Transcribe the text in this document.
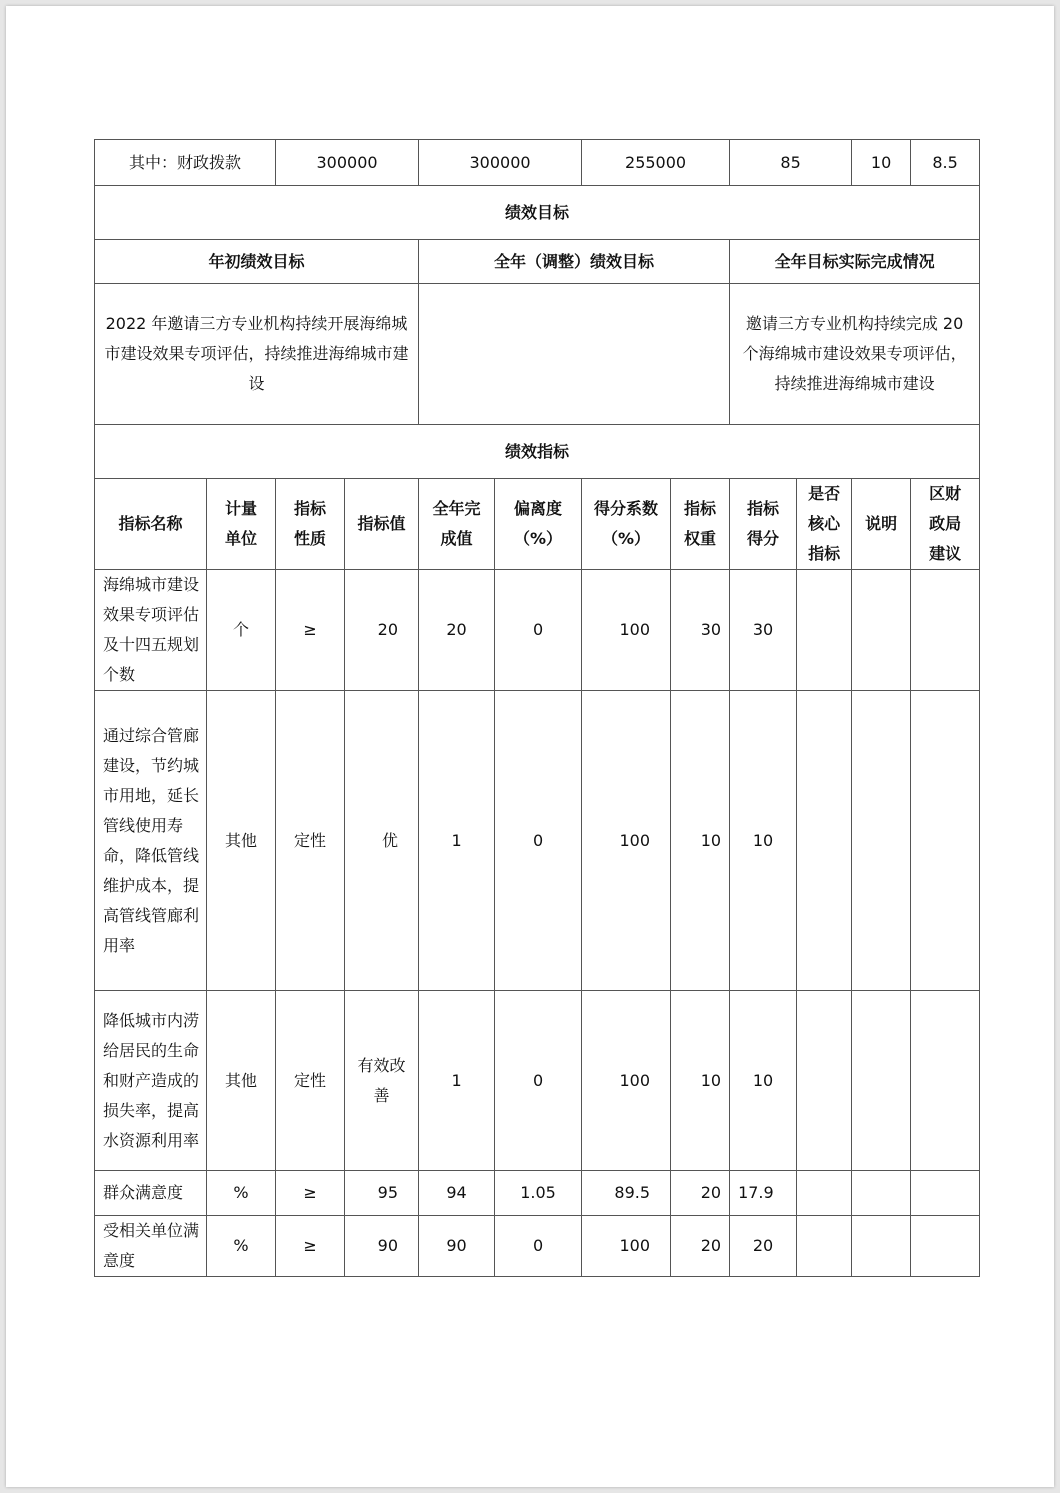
其中：财政拨款		300000		300000		255000		85		10	8.5
绩效目标											
年初绩效目标				全年（调整）绩效目标				全年目标实际完成情况			
2022 年邀请三方专业机构持续开展海绵城市建设效果专项评估，持续推进海绵城市建设								邀请三方专业机构持续完成 20 个海绵城市建设效果专项评估，持续推进海绵城市建设			
绩效指标											
指标名称	计量单位	指标性质	指标值	全年完成值	偏离度（%）	得分系数（%）	指标权重	指标得分	是否核心指标	说明	区财政局建议
海绵城市建设效果专项评估及十四五规划个数	个	≥	20	20	0	100	30	30			
通过综合管廊建设，节约城市用地，延长管线使用寿命，降低管线维护成本，提高管线管廊利用率	其他	定性	优	1	0	100	10	10			
降低城市内涝给居民的生命和财产造成的损失率，提高水资源利用率	其他	定性	有效改善	1	0	100	10	10			
群众满意度	%	≥	95	94	1.05	89.5	20	17.9			
受相关单位满意度	%	≥	90	90	0	100	20	20			
